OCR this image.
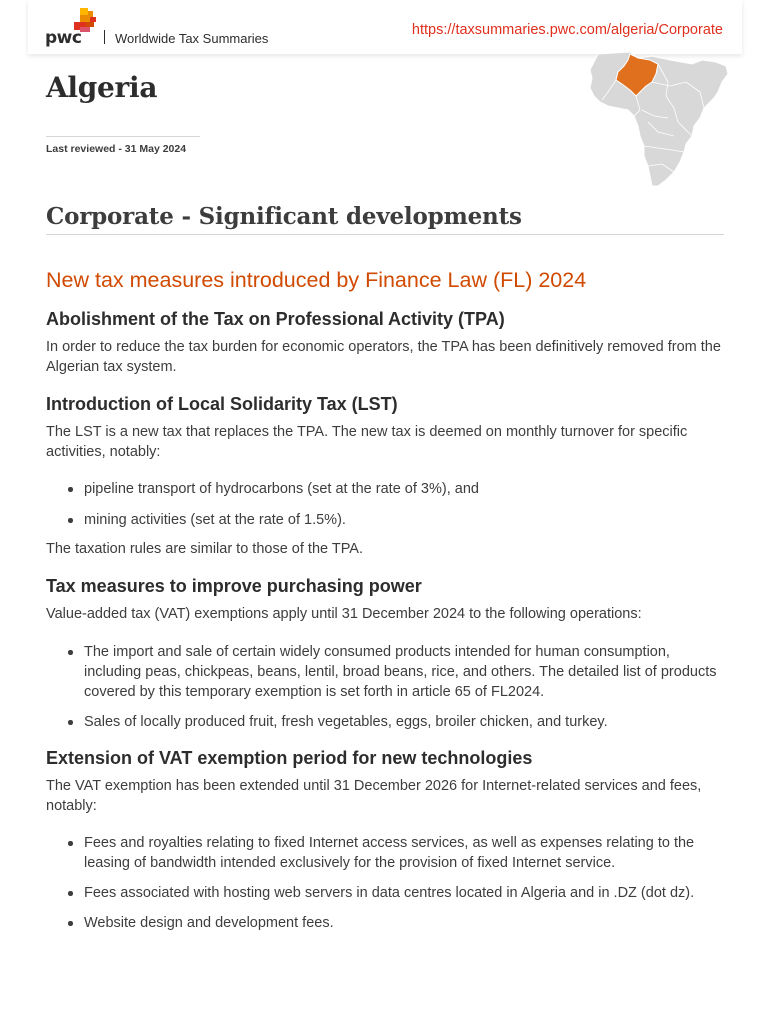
pwc	Worldwide Tax Summaries
https://taxsummaries.pwc.com/algeria/Corporate
Algeria
Last reviewed - 31 May 2024
Corporate - Significant developments
New tax measures introduced by Finance Law (FL) 2024
Abolishment of the Tax on Professional Activity (TPA)

In order to reduce the tax burden for economic operators, the TPA has been definitively removed from the Algerian tax system.

Introduction of Local Solidarity Tax (LST)

The LST is a new tax that replaces the TPA. The new tax is deemed on monthly turnover for specific activities, notably:

pipeline transport of hydrocarbons (set at the rate of 3%), and
mining activities (set at the rate of 1.5%).

The taxation rules are similar to those of the TPA.

Tax measures to improve purchasing power

Value-added tax (VAT) exemptions apply until 31 December 2024 to the following operations:

The import and sale of certain widely consumed products intended for human consumption, including peas, chickpeas, beans, lentil, broad beans, rice, and others. The detailed list of products covered by this temporary exemption is set forth in article 65 of FL2024.
Sales of locally produced fruit, fresh vegetables, eggs, broiler chicken, and turkey.
Extension of VAT exemption period for new technologies

The VAT exemption has been extended until 31 December 2026 for Internet-related services and fees, notably:

Fees and royalties relating to fixed Internet access services, as well as expenses relating to the leasing of bandwidth intended exclusively for the provision of fixed Internet service.
Fees associated with hosting web servers in data centres located in Algeria and in .DZ (dot dz).
Website design and development fees.
